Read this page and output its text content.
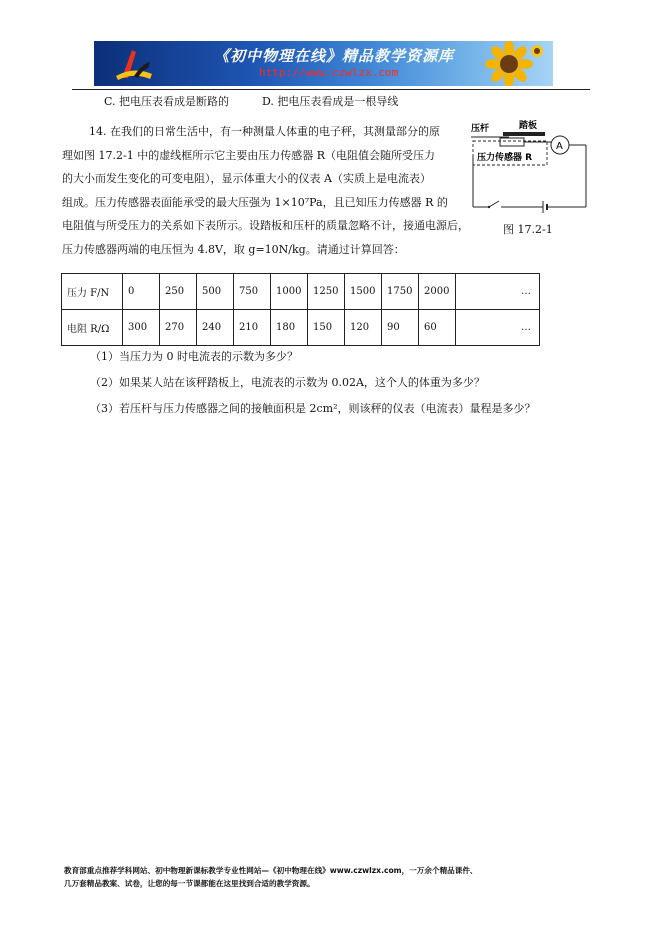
《初中物理在线》精品教学资源库
http://www.czwlzx.com
C. 把电压表看成是断路的	D. 把电压表看成是一根导线
14. 在我们的日常生活中，有一种测量人体重的电子秤，其测量部分的原
理如图 17.2-1 中的虚线框所示它主要由压力传感器 R（电阻值会随所受压力
的大小而发生变化的可变电阻），显示体重大小的仪表 A（实质上是电流表）
组成。压力传感器表面能承受的最大压强为 1×10⁷Pa，且已知压力传感器 R 的
电阻值与所受压力的关系如下表所示。设踏板和压杆的质量忽略不计，接通电源后，
压力传感器两端的电压恒为 4.8V，取 g=10N/kg。请通过计算回答：
压杆	踏板
压力传感器 R
A
图 17.2-1
压力 F/N	0	250	500	750	1000	1250	1500	1750	2000	…
电阻 R/Ω	300	270	240	210	180	150	120	90	60	…
（1）当压力为 0 时电流表的示数为多少？
（2）如果某人站在该秤踏板上，电流表的示数为 0.02A，这个人的体重为多少？
（3）若压杆与压力传感器之间的接触面积是 2cm²，则该秤的仪表（电流表）量程是多少？
教育部重点推荐学科网站、初中物理新课标教学专业性网站—《初中物理在线》www.czwlzx.com，一万余个精品课件、
几万套精品教案、试卷，让您的每一节课都能在这里找到合适的教学资源。
